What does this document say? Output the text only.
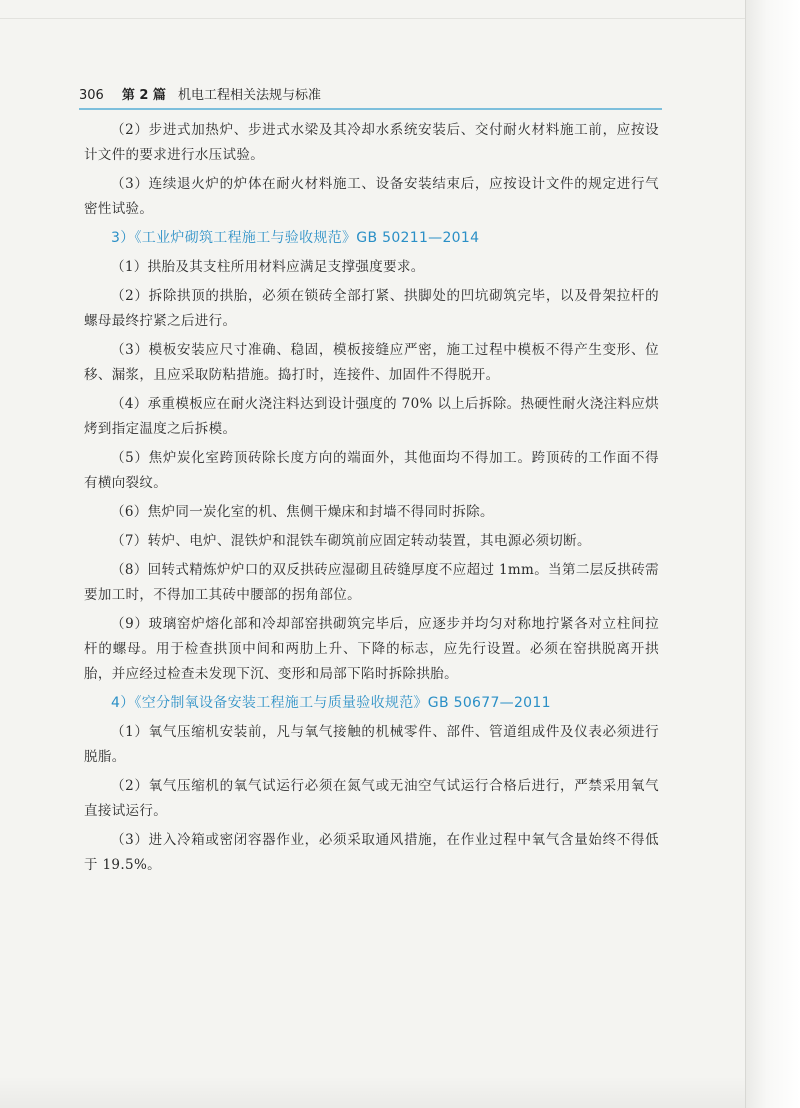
306 第 2 篇 机电工程相关法规与标准

（2）步进式加热炉、步进式水梁及其冷却水系统安装后、交付耐火材料施工前，应按设计文件的要求进行水压试验。

（3）连续退火炉的炉体在耐火材料施工、设备安装结束后，应按设计文件的规定进行气密性试验。

3）《工业炉砌筑工程施工与验收规范》GB 50211—2014

（1）拱胎及其支柱所用材料应满足支撑强度要求。

（2）拆除拱顶的拱胎，必须在锁砖全部打紧、拱脚处的凹坑砌筑完毕，以及骨架拉杆的螺母最终拧紧之后进行。

（3）模板安装应尺寸准确、稳固，模板接缝应严密，施工过程中模板不得产生变形、位移、漏浆，且应采取防粘措施。捣打时，连接件、加固件不得脱开。

（4）承重模板应在耐火浇注料达到设计强度的 70% 以上后拆除。热硬性耐火浇注料应烘烤到指定温度之后拆模。

（5）焦炉炭化室跨顶砖除长度方向的端面外，其他面均不得加工。跨顶砖的工作面不得有横向裂纹。

（6）焦炉同一炭化室的机、焦侧干燥床和封墙不得同时拆除。

（7）转炉、电炉、混铁炉和混铁车砌筑前应固定转动装置，其电源必须切断。

（8）回转式精炼炉炉口的双反拱砖应湿砌且砖缝厚度不应超过 1mm。当第二层反拱砖需要加工时，不得加工其砖中腰部的拐角部位。

（9）玻璃窑炉熔化部和冷却部窑拱砌筑完毕后，应逐步并均匀对称地拧紧各对立柱间拉杆的螺母。用于检查拱顶中间和两肋上升、下降的标志，应先行设置。必须在窑拱脱离开拱胎，并应经过检查未发现下沉、变形和局部下陷时拆除拱胎。

4）《空分制氧设备安装工程施工与质量验收规范》GB 50677—2011

（1）氧气压缩机安装前，凡与氧气接触的机械零件、部件、管道组成件及仪表必须进行脱脂。

（2）氧气压缩机的氧气试运行必须在氮气或无油空气试运行合格后进行，严禁采用氧气直接试运行。

（3）进入冷箱或密闭容器作业，必须采取通风措施，在作业过程中氧气含量始终不得低于 19.5%。
